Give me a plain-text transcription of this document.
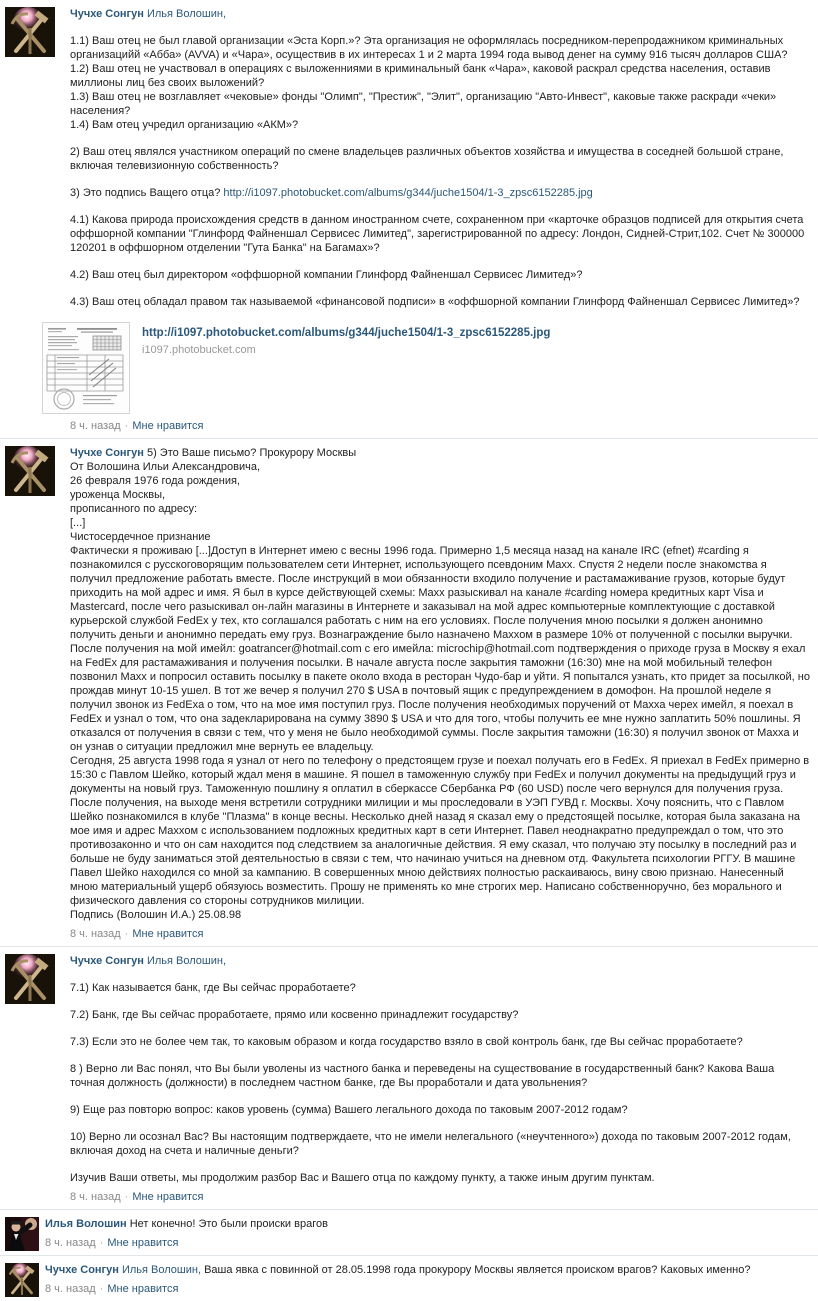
Чучхе Сонгун Илья Волошин,
1.1) Ваш отец не был главой организации «Эста Корп.»? Эта организация не оформлялась посредником-перепродажником криминальных организацийй «Абба» (AVVA) и «Чара», осуществив в их интересах 1 и 2 марта 1994 года вывод денег на сумму 916 тысяч долларов США?
1.2) Ваш отец не участвовал в операциях с выложенниями в криминальный банк «Чара», каковой раскрал средства населения, оставив миллионы лиц без своих выложений?
1.3) Ваш отец не возглавляет «чековые» фонды "Олимп", "Престиж", "Элит", организацию "Авто-Инвест", каковые также раскради «чеки» населения?
1.4) Вам отец учредил организацию «АКМ»?
2) Ваш отец являлся участником операций по смене владельцев различных объектов хозяйства и имущества в соседней большой стране, включая телевизионную собственность?
3) Это подпись Ващего отца? http://i1097.photobucket.com/albums/g344/juche1504/1-3_zpsc6152285.jpg
4.1) Какова природа происхождения средств в данном иностранном счете, сохраненном при «карточке образцов подписей для открытия счета оффшорной компании "Глинфорд Файненшал Сервисес Лимитед", зарегистрированной по адресу: Лондон, Сидней-Стрит,102. Счет № 300000 120201 в оффшорном отделении "Гута Банка" на Багамах»?
4.2) Ваш отец был директором «оффшорной компании Глинфорд Файненшал Сервисес Лимитед»?
4.3) Ваш отец обладал правом так называемой «финансовой подписи» в «оффшорной компании Глинфорд Файненшал Сервисес Лимитед»?
http://i1097.photobucket.com/albums/g344/juche1504/1-3_zpsc6152285.jpg
i1097.photobucket.com
8 ч. назад · Мне нравится
Чучхе Сонгун 5) Это Ваше письмо? Прокурору Москвы
От Волошина Ильи Александровича,
26 февраля 1976 года рождения,
уроженца Москвы,
прописанного по адресу:
[...]
Чистосердечное признание
Фактически я проживаю [...]Доступ в Интернет имею с весны 1996 года. Примерно 1,5 месяца назад на канале IRC (efnet) #carding я познакомился с русскоговорящим пользователем сети Интернет, использующего псевдоним Maxx. Спустя 2 недели после знакомства я получил предложение работать вместе. После инструкций в мои обязанности входило получение и растамаживание грузов, которые будут приходить на мой адрес и имя. Я был в курсе действующей схемы: Maxx разыскивал на канале #carding номера кредитных карт Visa и Mastercard, после чего разыскивал он-лайн магазины в Интернете и заказывал на мой адрес компьютерные комплектующие с доставкой курьерской службой FedEx у тех, кто соглашался работать с ним на его условиях. После получения мною посылки я должен анонимно получить деньги и анонимно передать ему груз. Вознаграждение было назначено Maxxом в размере 10% от полученной с посылки выручки. После получения на мой имейл: goatrancer@hotmail.com с его имейла: microchip@hotmail.com подтверждения о приходе груза в Москву я ехал на FedEx для растамаживания и получения посылки. В начале августа после закрытия таможни (16:30) мне на мой мобильный телефон позвонил Maxx и попросил оставить посылку в пакете около входа в ресторан Чудо-бар и уйти. Я попытался узнать, кто придет за посылкой, но прождав минут 10-15 ушел. В тот же вечер я получил 270 $ USA в почтовый ящик с предупреждением в домофон. На прошлой неделе я получил звонок из FedExа о том, что на мое имя поступил груз. После получения необходимых поручений от Maxxа черех имейл, я поехал в FedEx и узнал о том, что она задекларирована на сумму 3890 $ USA и что для того, чтобы получить ее мне нужно заплатить 50% пошлины. Я отказался от получения в связи с тем, что у меня не было необходимой суммы. После закрытия таможни (16:30) я получил звонок от Maxxа и он узнав о ситуации предложил мне вернуть ее владельцу.
Сегодня, 25 августа 1998 года я узнал от него по телефону о предстоящем грузе и поехал получать его в FedEx. Я приехал в FedEx примерно в 15:30 с Павлом Шейко, который ждал меня в машине. Я пошел в таможенную службу при FedEx и получил документы на предыдущий груз и документы на новый груз. Таможенную пошлину я оплатил в сберкассе Сбербанка РФ (60 USD) после чего вернулся для получения груза. После получения, на выходе меня встретили сотрудники милиции и мы проследовали в УЭП ГУВД г. Москвы. Хочу пояснить, что с Павлом Шейко познакомился в клубе "Плазма" в конце весны. Несколько дней назад я сказал ему о предстоящей посылке, которая была заказана на мое имя и адрес Maxxом с использованием подложных кредитных карт в сети Интернет. Павел неоднакратно предупреждал о том, что это противозаконно и что он сам находится под следствием за аналогичные действия. Я ему сказал, что получаю эту посылку в последний раз и больше не буду заниматься этой деятельностью в связи с тем, что начинаю учиться на дневном отд. Факультета психологии РГГУ. В машине Павел Шейко находился со мной за кампанию. В совершенных мною действиях полностью раскаиваюсь, вину свою признаю. Нанесенный мною материальный ущерб обязуюсь возместить. Прошу не применять ко мне строгих мер. Написано собственноручно, без морального и физического давления со стороны сотрудников милиции.
Подпись (Волошин И.А.) 25.08.98
8 ч. назад · Мне нравится
Чучхе Сонгун Илья Волошин,
7.1) Как называется банк, где Вы сейчас проработаете?
7.2) Банк, где Вы сейчас проработаете, прямо или косвенно принадлежит государству?
7.3) Если это не более чем так, то каковым образом и когда государство взяло в свой контроль банк, где Вы сейчас проработаете?
8 ) Верно ли Вас понял, что Вы были уволены из частного банка и переведены на существование в государственный банк? Какова Ваша точная должность (должности) в последнем частном банке, где Вы проработали и дата увольнения?
9) Еще раз повторю вопрос: каков уровень (сумма) Вашего легального дохода по таковым 2007-2012 годам?
10) Верно ли осознал Вас? Вы настоящим подтверждаете, что не имели нелегального («неучтенного») дохода по таковым 2007-2012 годам, включая доход на счета и наличные деньги?
Изучив Ваши ответы, мы продолжим разбор Вас и Вашего отца по каждому пункту, а также иным другим пунктам.
8 ч. назад · Мне нравится
Илья Волошин Нет конечно! Это были происки врагов
8 ч. назад · Мне нравится
Чучхе Сонгун Илья Волошин, Ваша явка с повинной от 28.05.1998 года прокурору Москвы является происком врагов? Каковых именно?
8 ч. назад · Мне нравится
